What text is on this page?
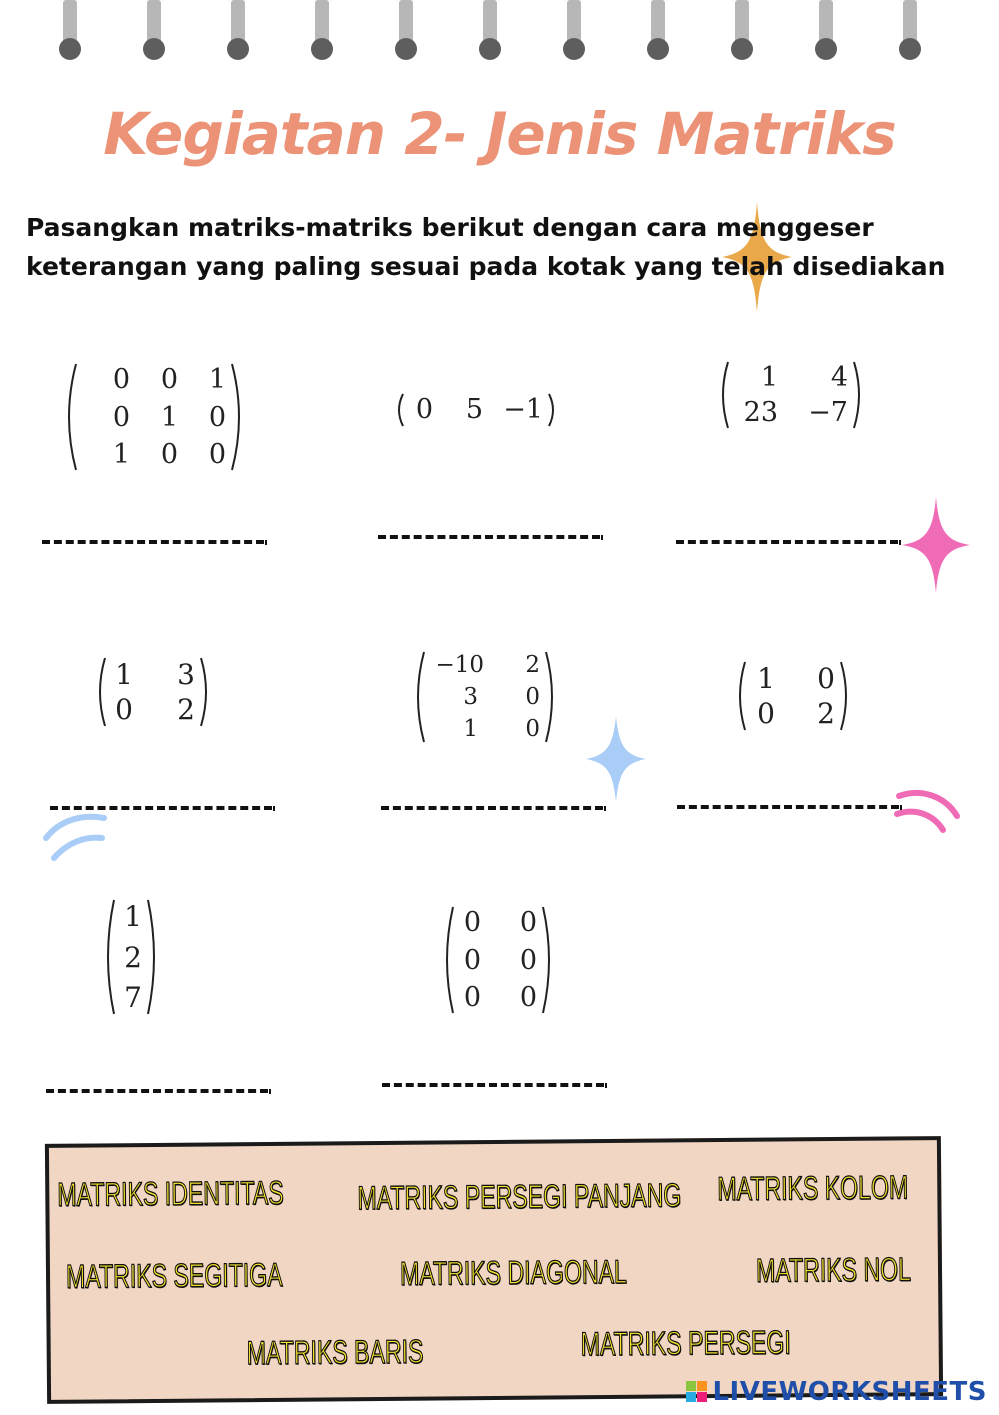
Kegiatan 2- Jenis Matriks

Pasangkan matriks-matriks berikut dengan cara menggeser keterangan yang paling sesuai pada kotak yang telah disediakan

0	0	1
0	1	0
1	0	0
0	5 −1
1	4
23	−7
1	3
0	2
−10	2
3	0
1	0
1	0
0	2
1
2
7
0	0
0	0
0	0
MATRIKS IDENTITAS MATRIKS PERSEGI PANJANG MATRIKS KOLOM
MATRIKS SEGITIGA	MATRIKS DIAGONAL	MATRIKS NOL
MATRIKS BARIS	MATRIKS PERSEGI
LIVEWORKSHEETS
